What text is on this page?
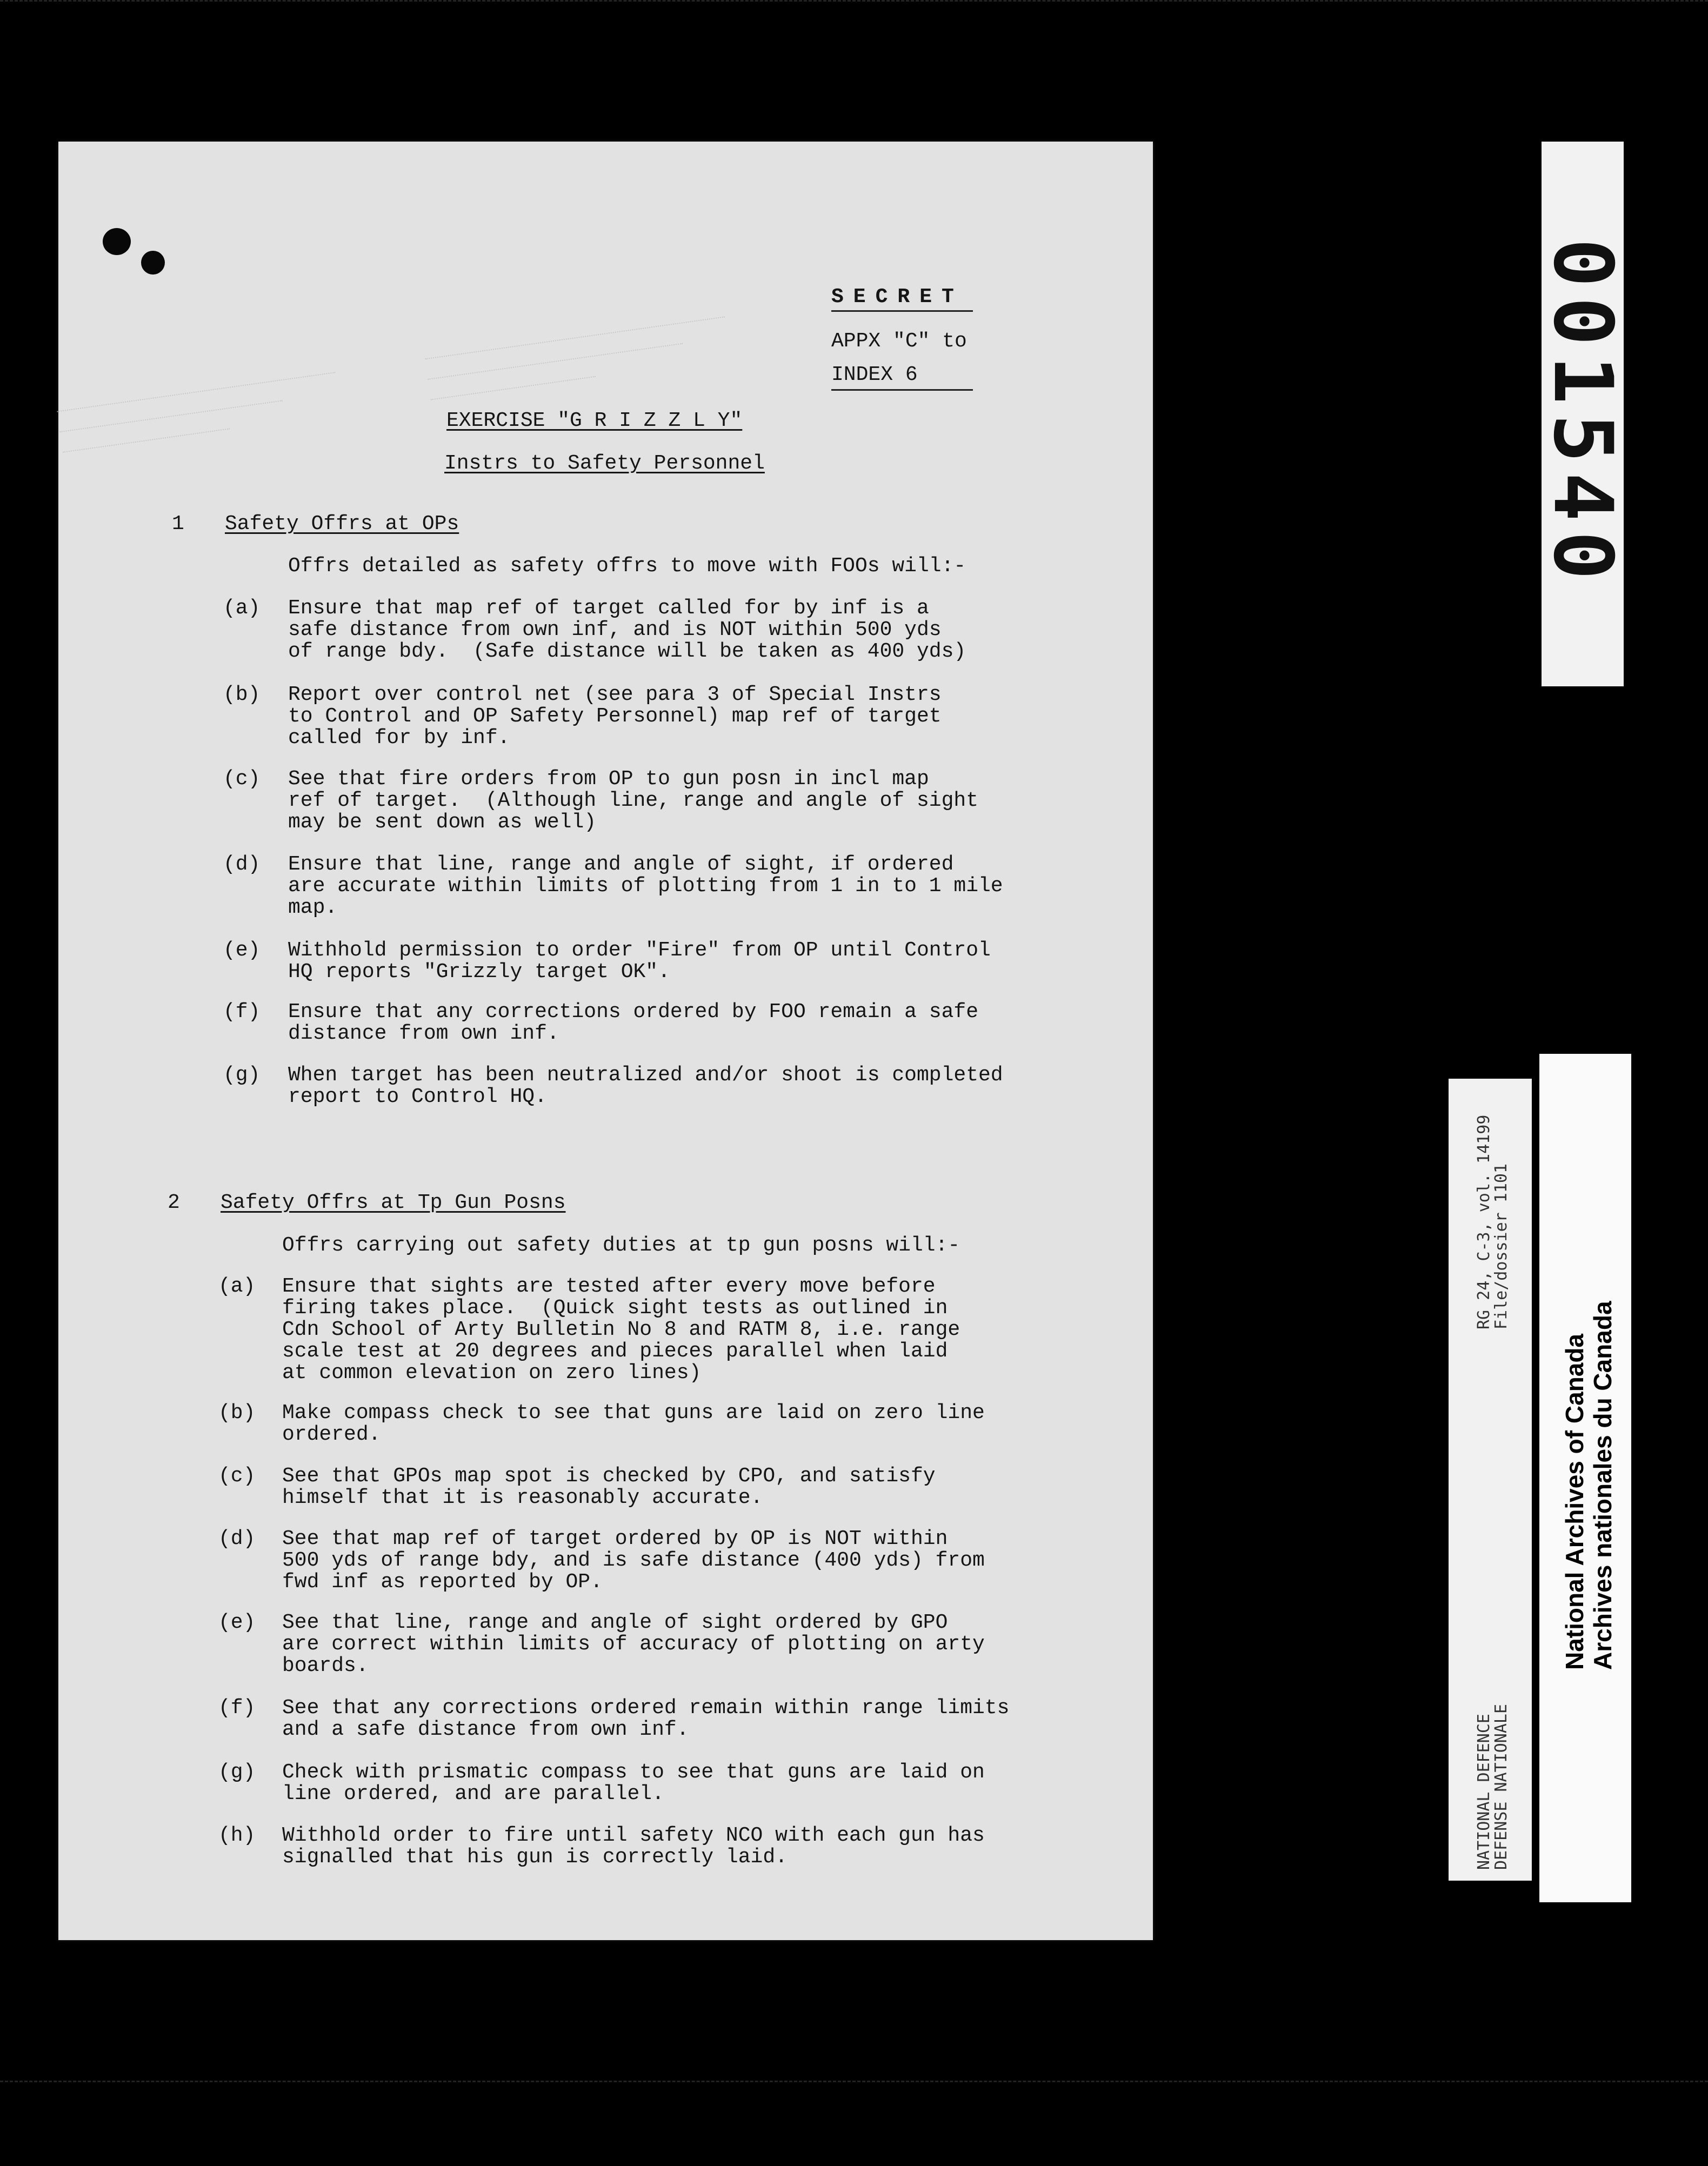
SECRET
APPX "C" to
INDEX 6
EXERCISE "G R I Z Z L Y"
Instrs to Safety Personnel
1 Safety Offrs at OPs
Offrs detailed as safety offrs to move with FOOs will:-
(a) Ensure that map ref of target called for by inf is a
safe distance from own inf, and is NOT within 500 yds
of range bdy.  (Safe distance will be taken as 400 yds)
(b) Report over control net (see para 3 of Special Instrs
to Control and OP Safety Personnel) map ref of target
called for by inf.
(c) See that fire orders from OP to gun posn in incl map
ref of target.  (Although line, range and angle of sight
may be sent down as well)
(d) Ensure that line, range and angle of sight, if ordered
are accurate within limits of plotting from 1 in to 1 mile
map.
(e) Withhold permission to order "Fire" from OP until Control
HQ reports "Grizzly target OK".
(f) Ensure that any corrections ordered by FOO remain a safe
distance from own inf.
(g) When target has been neutralized and/or shoot is completed
report to Control HQ.
2 Safety Offrs at Tp Gun Posns
Offrs carrying out safety duties at tp gun posns will:-
(a) Ensure that sights are tested after every move before
firing takes place.  (Quick sight tests as outlined in
Cdn School of Arty Bulletin No 8 and RATM 8, i.e. range
scale test at 20 degrees and pieces parallel when laid
at common elevation on zero lines)
(b) Make compass check to see that guns are laid on zero line
ordered.
(c) See that GPOs map spot is checked by CPO, and satisfy
himself that it is reasonably accurate.
(d) See that map ref of target ordered by OP is NOT within
500 yds of range bdy, and is safe distance (400 yds) from
fwd inf as reported by OP.
(e) See that line, range and angle of sight ordered by GPO
are correct within limits of accuracy of plotting on arty
boards.
(f) See that any corrections ordered remain within range limits
and a safe distance from own inf.
(g) Check with prismatic compass to see that guns are laid on
line ordered, and are parallel.
(h) Withhold order to fire until safety NCO with each gun has
signalled that his gun is correctly laid.
001540
NATIONAL DEFENCE
DEFENSE NATIONALE
RG 24, C-3, vol. 14199
File/dossier 1101
National Archives of Canada Archives nationales du Canada
